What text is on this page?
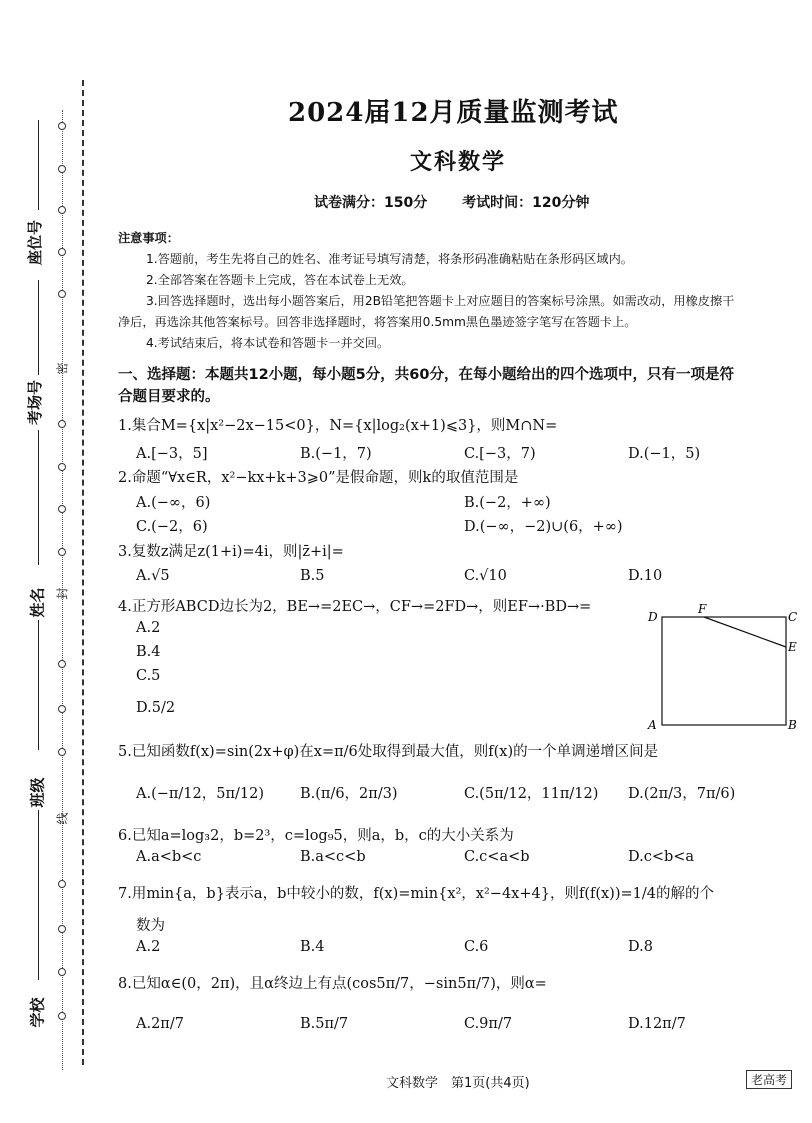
座位号
考场号
姓名
班级
学校
密
封
线
2024届12月质量监测考试
文科数学
试卷满分：150分 考试时间：120分钟
注意事项：
1.答题前，考生先将自己的姓名、准考证号填写清楚，将条形码准确粘贴在条形码区域内。
2.全部答案在答题卡上完成，答在本试卷上无效。
3.回答选择题时，选出每小题答案后，用2B铅笔把答题卡上对应题目的答案标号涂黑。如需改动，用橡皮擦干
净后，再选涂其他答案标号。回答非选择题时，将答案用0.5mm黑色墨迹签字笔写在答题卡上。
4.考试结束后，将本试卷和答题卡一并交回。
一、选择题：本题共12小题，每小题5分，共60分，在每小题给出的四个选项中，只有一项是符
合题目要求的。
1.集合M={x|x²−2x−15<0}，N={x|log₂(x+1)⩽3}，则M∩N=
A.[−3，5]	B.(−1，7)	C.[−3，7)	D.(−1，5)
2.命题“∀x∈R，x²−kx+k+3⩾0”是假命题，则k的取值范围是
A.(−∞，6)	B.(−2，+∞)
C.(−2，6)	D.(−∞，−2)∪(6，+∞)
3.复数z满足z(1+i)=4i，则|z̄+i|=
A.√5	B.5	C.√10	D.10
4.正方形ABCD边长为2，BE→=2EC→，CF→=2FD→，则EF→·BD→=
A.2
B.4
C.5
D.5/2
D
F
C
E
A	B
5.已知函数f(x)=sin(2x+φ)在x=π/6处取得到最大值，则f(x)的一个单调递增区间是
A.(−π/12，5π/12) B.(π/6，2π/3)	C.(5π/12，11π/12) D.(2π/3，7π/6)
6.已知a=log₃2，b=2³，c=log₉5，则a，b，c的大小关系为
A.a<b<c	B.a<c<b	C.c<a<b	D.c<b<a
7.用min{a，b}表示a，b中较小的数，f(x)=min{x²，x²−4x+4}，则f(f(x))=1/4的解的个
数为
A.2	B.4	C.6	D.8
8.已知α∈(0，2π)，且α终边上有点(cos5π/7，−sin5π/7)，则α=
A.2π/7	B.5π/7	C.9π/7	D.12π/7
文科数学　第1页(共4页)	老高考
